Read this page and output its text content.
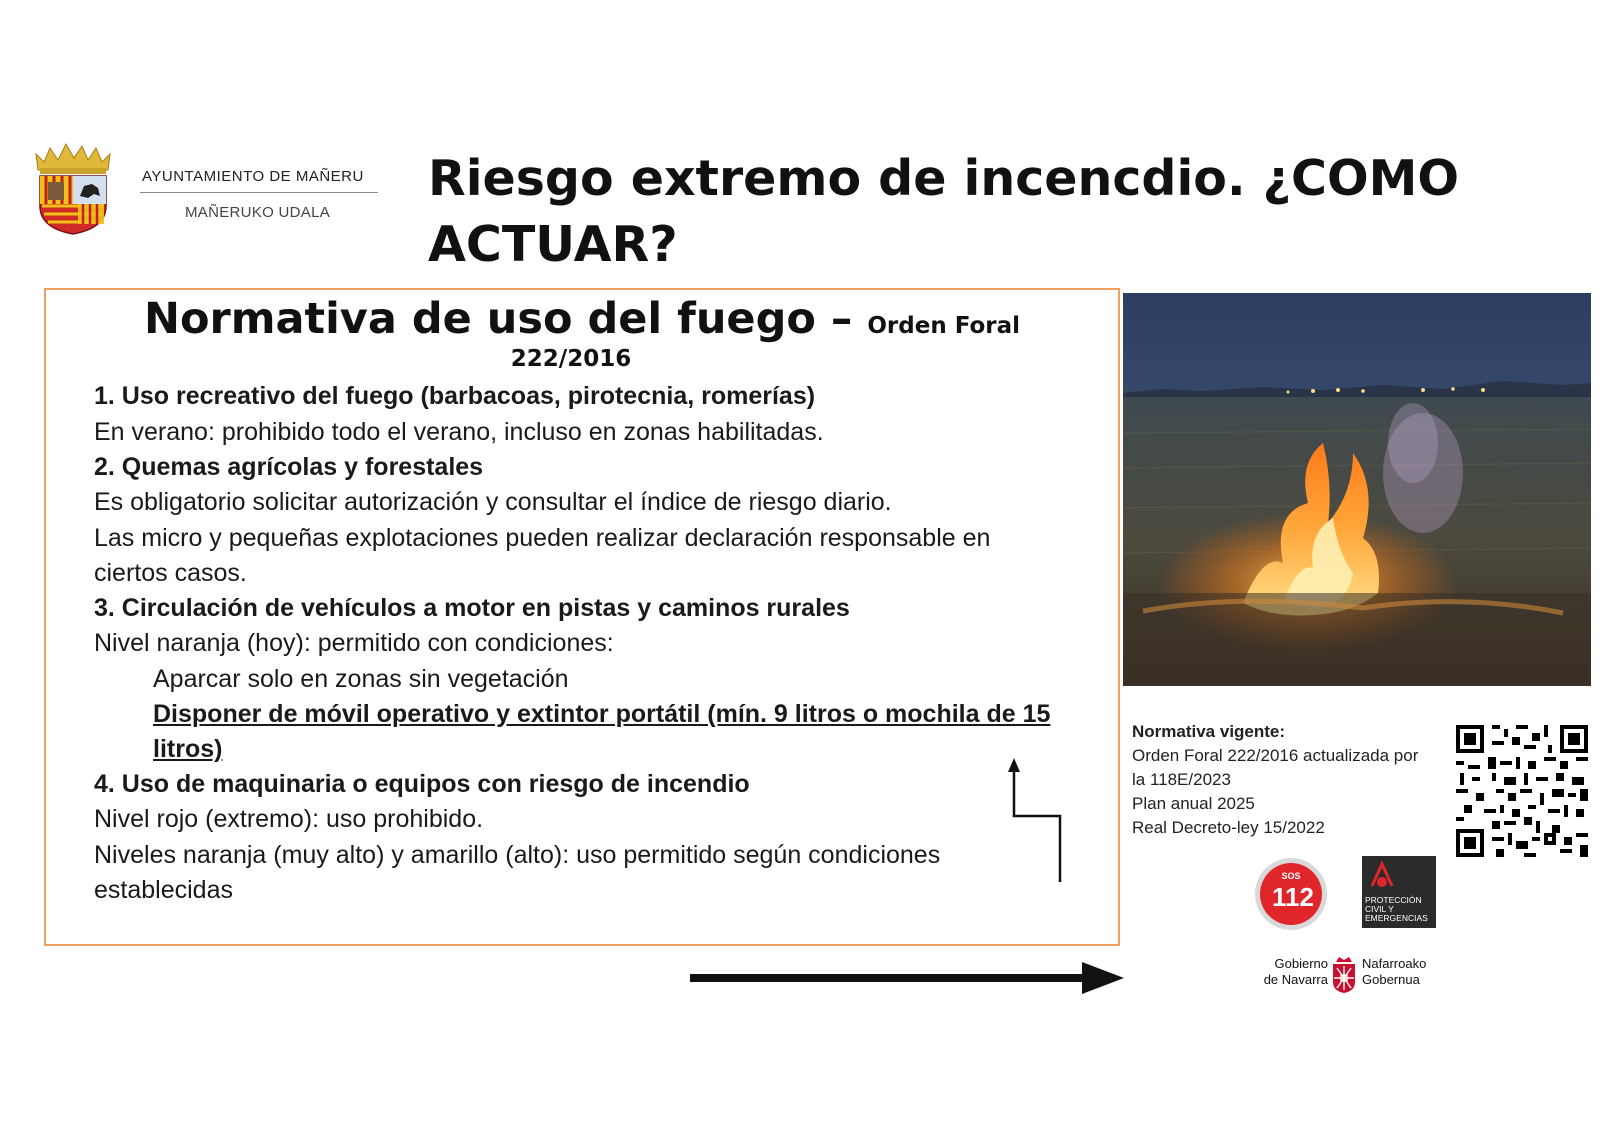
AYUNTAMIENTO DE MAÑERU
MAÑERUKO UDALA
Riesgo extremo de incencdio. ¿COMO
ACTUAR?
Normativa de uso del fuego – Orden Foral
222/2016
1. Uso recreativo del fuego (barbacoas, pirotecnia, romerías)
En verano: prohibido todo el verano, incluso en zonas habilitadas.
2. Quemas agrícolas y forestales
Es obligatorio solicitar autorización y consultar el índice de riesgo diario.
Las micro y pequeñas explotaciones pueden realizar declaración responsable en
ciertos casos.
3. Circulación de vehículos a motor en pistas y caminos rurales
Nivel naranja (hoy): permitido con condiciones:
Aparcar solo en zonas sin vegetación
Disponer de móvil operativo y extintor portátil (mín. 9 litros o mochila de 15
litros)
4. Uso de maquinaria o equipos con riesgo de incendio
Nivel rojo (extremo): uso prohibido.
Niveles naranja (muy alto) y amarillo (alto): uso permitido según condiciones
establecidas
Normativa vigente:
Orden Foral 222/2016 actualizada por
la 118E/2023
Plan anual 2025
Real Decreto-ley 15/2022
SOS
112	PROTECCIÓN
CIVIL Y
EMERGENCIAS
Gobierno
de Navarra
Nafarroako
Gobernua
